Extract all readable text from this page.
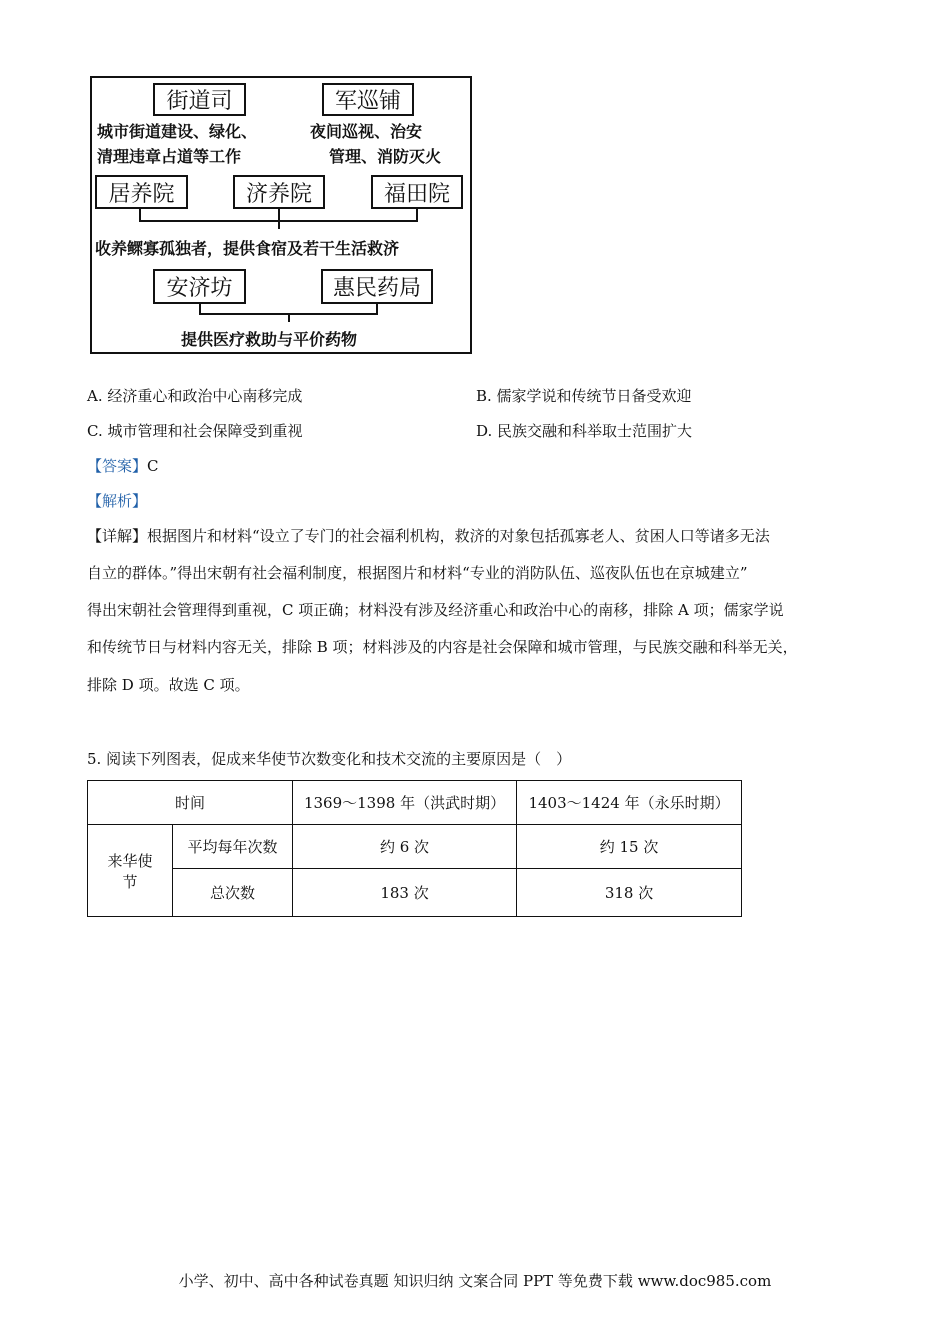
街道司	军巡铺
城市街道建设、绿化、
清理违章占道等工作
夜间巡视、治安
管理、消防灭火
居养院	济养院	福田院
收养鳏寡孤独者，提供食宿及若干生活救济
安济坊	惠民药局
提供医疗救助与平价药物
A. 经济重心和政治中心南移完成	B. 儒家学说和传统节日备受欢迎
C. 城市管理和社会保障受到重视	D. 民族交融和科举取士范围扩大
【答案】C
【解析】
【详解】根据图片和材料“设立了专门的社会福利机构，救济的对象包括孤寡老人、贫困人口等诸多无法
自立的群体。”得出宋朝有社会福利制度，根据图片和材料“专业的消防队伍、巡夜队伍也在京城建立”
得出宋朝社会管理得到重视，C 项正确；材料没有涉及经济重心和政治中心的南移，排除 A 项；儒家学说
和传统节日与材料内容无关，排除 B 项；材料涉及的内容是社会保障和城市管理，与民族交融和科举无关，
排除 D 项。故选 C 项。
5. 阅读下列图表，促成来华使节次数变化和技术交流的主要原因是（　）
时间		1369～1398 年（洪武时期）	1403～1424 年（永乐时期）
来华使
节	平均每年次数	约 6 次	约 15 次
	总次数	183 次	318 次
小学、初中、高中各种试卷真题 知识归纳 文案合同 PPT 等免费下载 www.doc985.com
